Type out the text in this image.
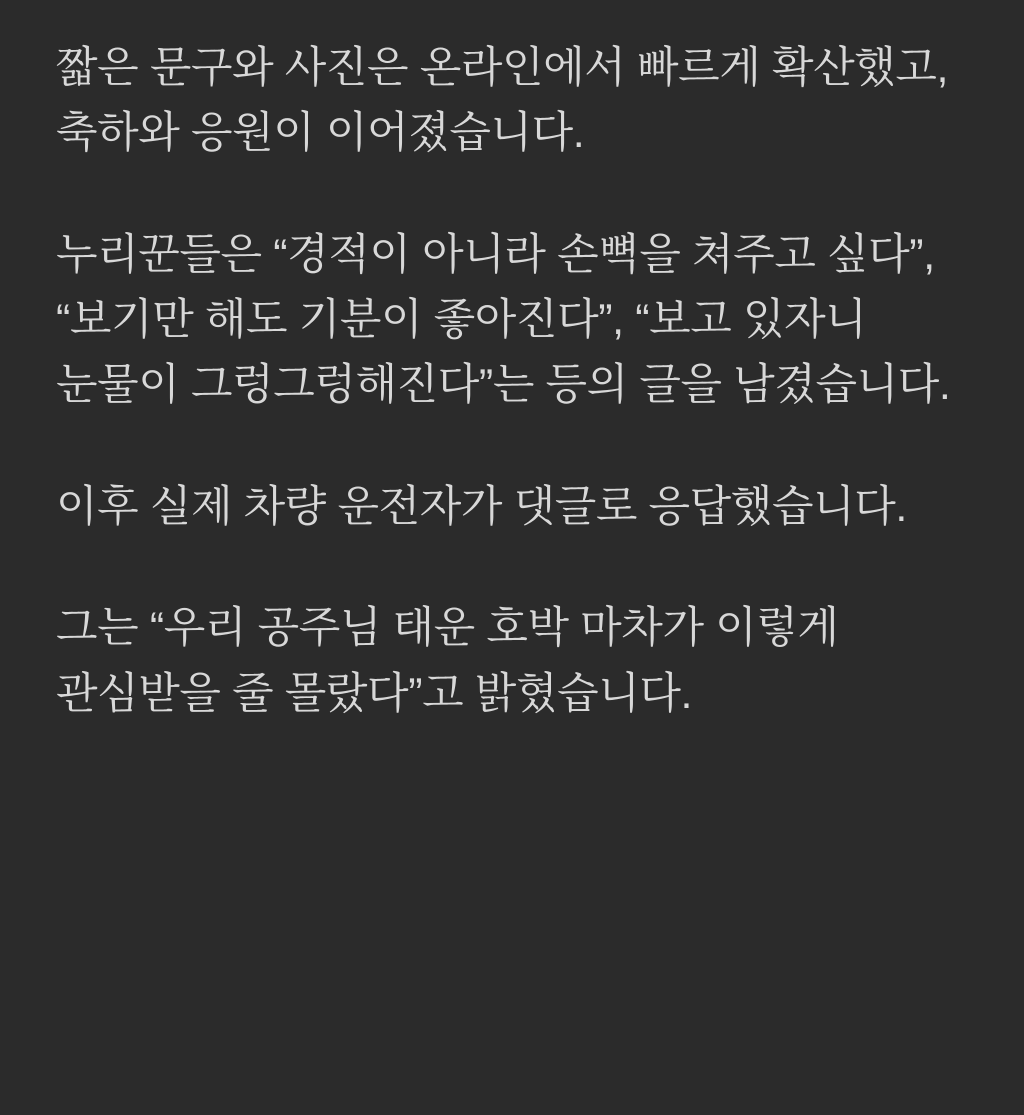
짧은 문구와 사진은 온라인에서 빠르게 확산했고, 축하와 응원이 이어졌습니다.

누리꾼들은 “경적이 아니라 손뼉을 쳐주고 싶다”, “보기만 해도 기분이 좋아진다”, “보고 있자니 눈물이 그렁그렁해진다”는 등의 글을 남겼습니다.

이후 실제 차량 운전자가 댓글로 응답했습니다.

그는 “우리 공주님 태운 호박 마차가 이렇게 관심받을 줄 몰랐다”고 밝혔습니다.
